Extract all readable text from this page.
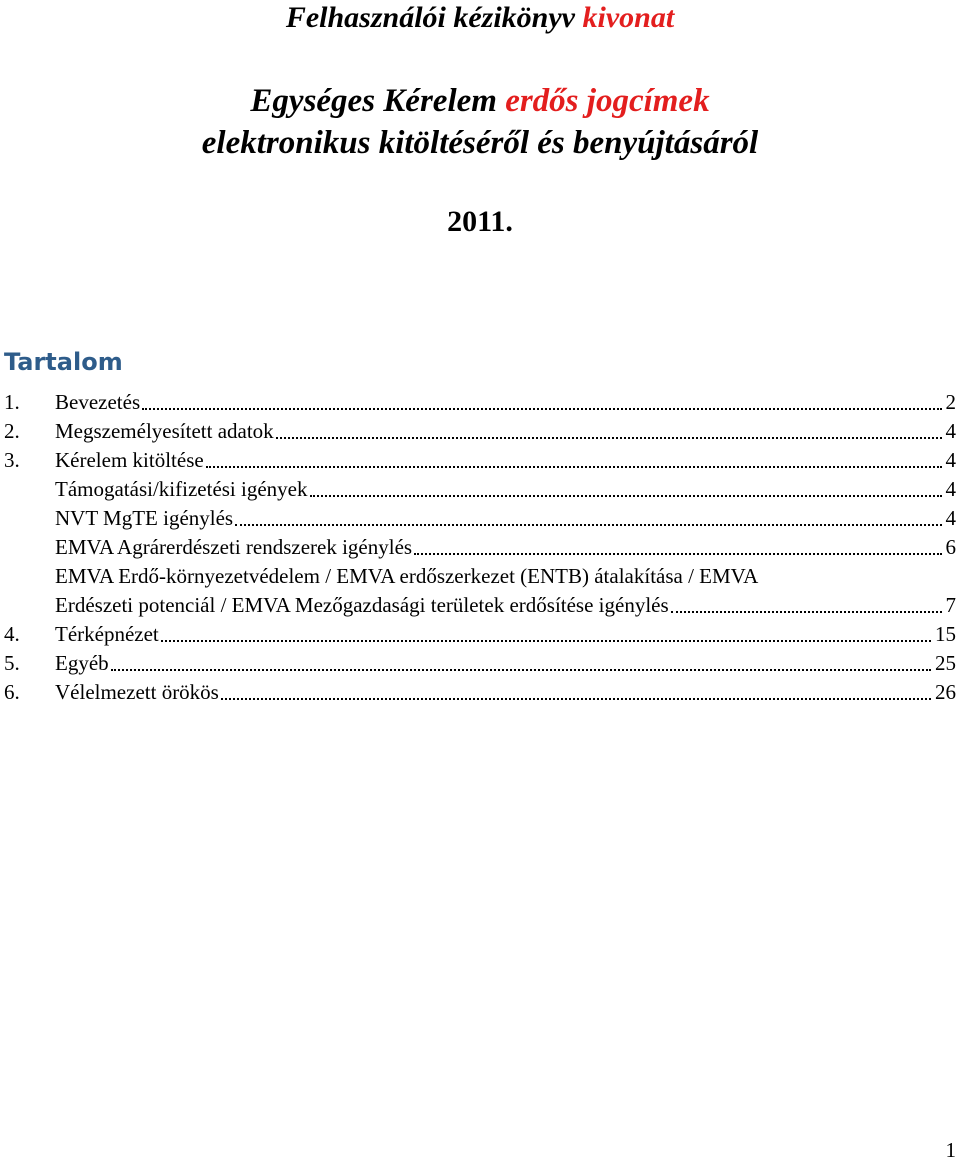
Felhasználói kézikönyv kivonat
Egységes Kérelem erdős jogcímek
elektronikus kitöltéséről és benyújtásáról
2011.
Tartalom
1. Bevezetés	2
2. Megszemélyesített adatok	4
3. Kérelem kitöltése	4
Támogatási/kifizetési igények	4
NVT MgTE igénylés	4
EMVA Agrárerdészeti rendszerek igénylés	6
EMVA Erdő-környezetvédelem / EMVA erdőszerkezet (ENTB) átalakítása / EMVA
Erdészeti potenciál / EMVA Mezőgazdasági területek erdősítése igénylés	7
4. Térképnézet	15
5. Egyéb	25
6. Vélelmezett örökös	26
1
